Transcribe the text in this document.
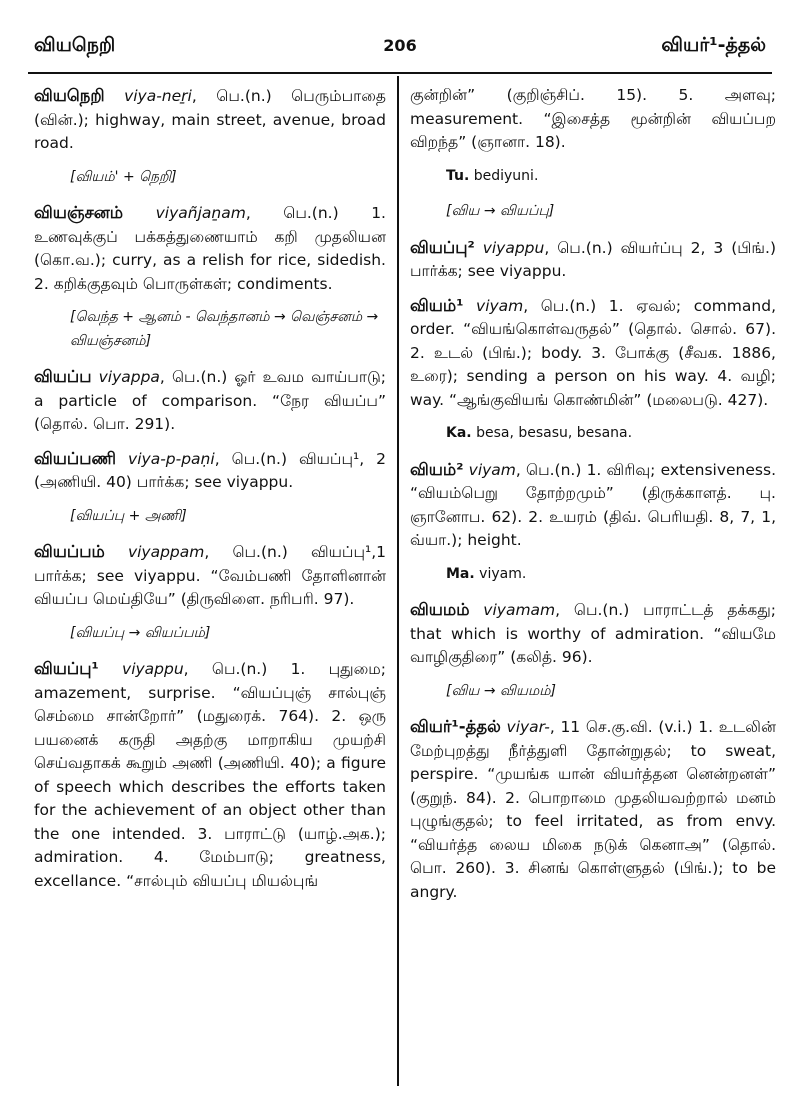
வியநெறி	206	வியர்¹-த்தல்
வியநெறி viya-neṟi, பெ.(n.) பெரும்பாதை (வின்.); highway, main street, avenue, broad road.
[வியம்' + நெறி]
வியஞ்சனம் viyañjaṉam, பெ.(n.) 1. உணவுக்குப் பக்கத்துணையாம் கறி முதலியன (கொ.வ.); curry, as a relish for rice, sidedish. 2. கறிக்குதவும் பொருள்கள்; condiments.
[வெந்த + ஆனம் - வெந்தானம் → வெஞ்சனம் → வியஞ்சனம்]
வியப்ப viyappa, பெ.(n.) ஓர் உவம வாய்பாடு; a particle of comparison. “நேர வியப்ப” (தொல். பொ. 291).
வியப்பணி viya-p-paṇi, பெ.(n.) வியப்பு¹, 2 (அணியி. 40) பார்க்க; see viyappu.
[வியப்பு + அணி]
வியப்பம் viyappam, பெ.(n.) வியப்பு¹,1 பார்க்க; see viyappu. “வேம்பணி தோளினான் வியப்ப மெய்தியே” (திருவிளை. நரிபரி. 97).
[வியப்பு → வியப்பம்]
வியப்பு¹ viyappu, பெ.(n.) 1. புதுமை; amazement, surprise. “வியப்புஞ் சால்புஞ் செம்மை சான்றோர்” (மதுரைக். 764). 2. ஒரு பயனைக் கருதி அதற்கு மாறாகிய முயற்சி செய்வதாகக் கூறும் அணி (அணியி. 40); a figure of speech which describes the efforts taken for the achievement of an object other than the one intended. 3. பாராட்டு (யாழ்.அக.); admiration. 4. மேம்பாடு; greatness, excellance. “சால்பும் வியப்பு மியல்புங்
குன்றின்” (குறிஞ்சிப். 15). 5. அளவு; measurement. “இசைத்த மூன்றின் வியப்பற விறந்த” (ஞானா. 18).
Tu. bediyuni.
[விய → வியப்பு]
வியப்பு² viyappu, பெ.(n.) வியர்ப்பு 2, 3 (பிங்.) பார்க்க; see viyappu.
வியம்¹ viyam, பெ.(n.) 1. ஏவல்; command, order. “வியங்கொள்வருதல்” (தொல். சொல். 67). 2. உடல் (பிங்.); body. 3. போக்கு (சீவக. 1886, உரை); sending a person on his way. 4. வழி; way. “ஆங்குவியங் கொண்மின்” (மலைபடு. 427).
Ka. besa, besasu, besana.
வியம்² viyam, பெ.(n.) 1. விரிவு; extensiveness. “வியம்பெறு தோற்றமும்” (திருக்காளத். பு. ஞானோப. 62). 2. உயரம் (திவ். பெரியதி. 8, 7, 1, வ்யா.); height.
Ma. viyam.
வியமம் viyamam, பெ.(n.) பாராட்டத் தக்கது; that which is worthy of admiration. “வியமே வாழிகுதிரை” (கலித். 96).
[விய → வியமம்]
வியர்¹-த்தல் viyar-, 11 செ.கு.வி. (v.i.) 1. உடலின் மேற்புறத்து நீர்த்துளி தோன்றுதல்; to sweat, perspire. “முயங்க யான் வியர்த்தன னென்றனள்” (குறுந். 84). 2. பொறாமை முதலியவற்றால் மனம் புழுங்குதல்; to feel irritated, as from envy. “வியர்த்த லைய மிகை நடுக் கெனாஅ” (தொல். பொ. 260). 3. சினங் கொள்ளுதல் (பிங்.); to be angry.
